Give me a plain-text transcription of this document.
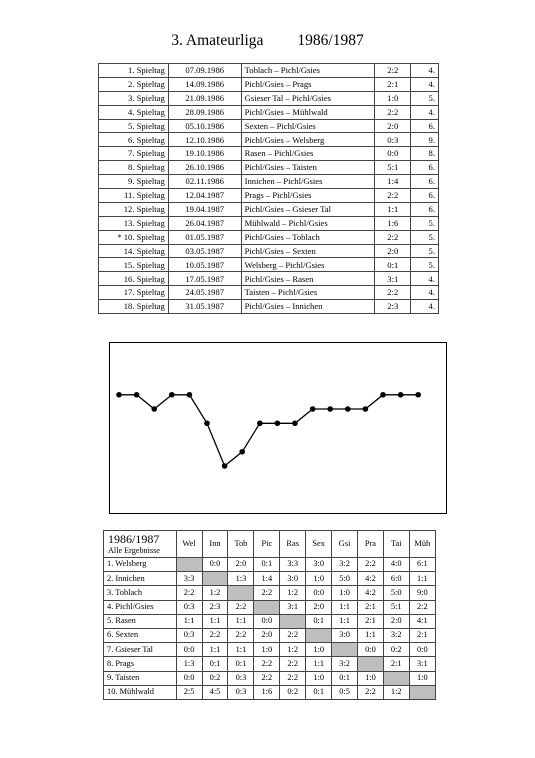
3. Amateurliga 1986/1987
1. Spieltag	07.09.1986	Toblach – Pichl/Gsies	2:2	4.
2. Spieltag	14.09.1986	Pichl/Gsies – Prags	2:1	4.
3. Spieltag	21.09.1986	Gsieser Tal – Pichl/Gsies	1:0	5.
4. Spieltag	28.09.1986	Pichl/Gsies – Mühlwald	2:2	4.
5. Spieltag	05.10.1986	Sexten – Pichl/Gsies	2:0	6.
6. Spieltag	12.10.1986	Pichl/Gsies – Welsberg	0:3	9.
7. Spieltag	19.10.1986	Rasen – Pichl/Gsies	0:0	8.
8. Spieltag	26.10.1986	Pichl/Gsies – Taisten	5:1	6.
9. Spieltag	02.11.1986	Innichen – Pichl/Gsies	1:4	6.
11. Spieltag	12.04.1987	Prags – Pichl/Gsies	2:2	6.
12. Spieltag	19.04.1987	Pichl/Gsies – Gsieser Tal	1:1	6.
13. Spieltag	26.04.1987	Mühlwald – Pichl/Gsies	1:6	5.
* 10. Spieltag	01.05.1987	Pichl/Gsies – Toblach	2:2	5.
14. Spieltag	03.05.1987	Pichl/Gsies – Sexten	2:0	5.
15. Spieltag	10.05.1987	Welsberg – Pichl/Gsies	0:1	5.
16. Spieltag	17.05.1987	Pichl/Gsies – Rasen	3:1	4.
17. Spieltag	24.05.1987	Taisten – Pichl/Gsies	2:2	4.
18. Spieltag	31.05.1987	Pichl/Gsies – Innichen	2:3	4.
1986/1987
Alle Ergebnisse	Wel	Inn	Tob	Pic	Ras	Sex	Gsi	Pra	Tai	Müh
1. Welsberg		0:0	2:0	0:1	3:3	3:0	3:2	2:2	4:0	6:1
2. Innichen	3:3		1:3	1:4	3:0	1:0	5:0	4:2	6:0	1:1
3. Toblach	2:2	1:2		2:2	1:2	0:0	1:0	4:2	5:0	9:0
4. Pichl/Gsies	0:3	2:3	2:2		3:1	2:0	1:1	2:1	5:1	2:2
5. Rasen	1:1	1:1	1:1	0:0		0:1	1:1	2:1	2:0	4:1
6. Sexten	0:3	2:2	2:2	2:0	2:2		3:0	1:1	3:2	2:1
7. Gsieser Tal	0:0	1:1	1:1	1:0	1:2	1:0		0:0	0:2	0:0
8. Prags	1:3	0:1	0:1	2:2	2:2	1:1	3:2		2:1	3:1
9. Taisten	0:0	0:2	0:3	2:2	2:2	1:0	0:1	1:0		1:0
10. Mühlwald	2:5	4:5	0:3	1:6	0:2	0:1	0:5	2:2	1:2	
